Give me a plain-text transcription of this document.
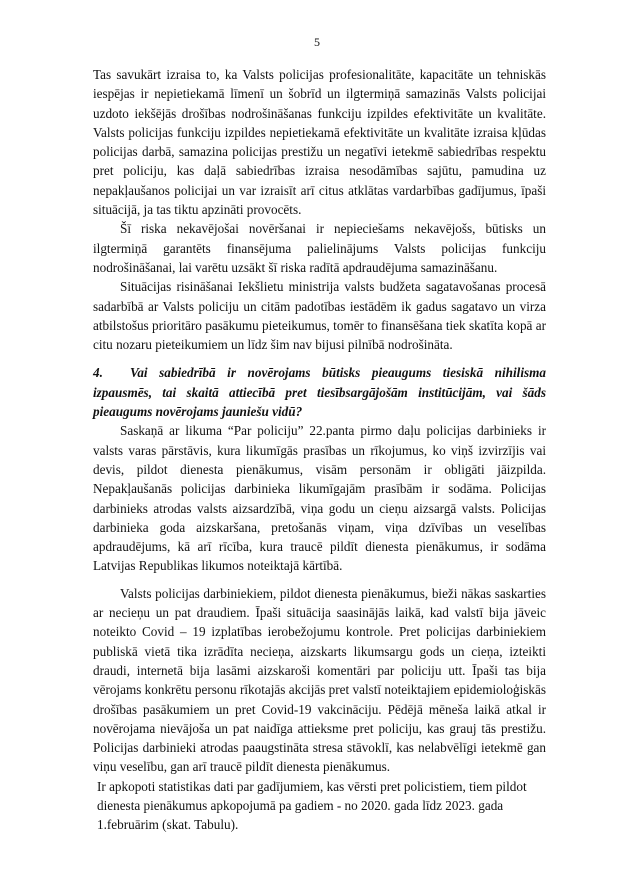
5

Tas savukārt izraisa to, ka Valsts policijas profesionalitāte, kapacitāte un tehniskās iespējas ir nepietiekamā līmenī un šobrīd un ilgtermiņā samazinās Valsts policijai uzdoto iekšējās drošības nodrošināšanas funkciju izpildes efektivitāte un kvalitāte. Valsts policijas funkciju izpildes nepietiekamā efektivitāte un kvalitāte izraisa kļūdas policijas darbā, samazina policijas prestižu un negatīvi ietekmē sabiedrības respektu pret policiju, kas daļā sabiedrības izraisa nesodāmības sajūtu, pamudina uz nepakļaušanos policijai un var izraisīt arī citus atklātas vardarbības gadījumus, īpaši situācijā, ja tas tiktu apzināti provocēts.

Šī riska nekavējošai novēršanai ir nepieciešams nekavējošs, būtisks un ilgtermiņā garantēts finansējuma palielinājums Valsts policijas funkciju nodrošināšanai, lai varētu uzsākt šī riska radītā apdraudējuma samazināšanu.

Situācijas risināšanai Iekšlietu ministrija valsts budžeta sagatavošanas procesā sadarbībā ar Valsts policiju un citām padotības iestādēm ik gadus sagatavo un virza atbilstošus prioritāro pasākumu pieteikumus, tomēr to finansēšana tiek skatīta kopā ar citu nozaru pieteikumiem un līdz šim nav bijusi pilnībā nodrošināta.

4. Vai sabiedrībā ir novērojams būtisks pieaugums tiesiskā nihilisma izpausmēs, tai skaitā attiecībā pret tiesībsargājošām institūcijām, vai šāds pieaugums novērojams jauniešu vidū?

Saskaņā ar likuma “Par policiju” 22.panta pirmo daļu policijas darbinieks ir valsts varas pārstāvis, kura likumīgās prasības un rīkojumus, ko viņš izvirzījis vai devis, pildot dienesta pienākumus, visām personām ir obligāti jāizpilda. Nepakļaušanās policijas darbinieka likumīgajām prasībām ir sodāma. Policijas darbinieks atrodas valsts aizsardzībā, viņa godu un cieņu aizsargā valsts. Policijas darbinieka goda aizskaršana, pretošanās viņam, viņa dzīvības un veselības apdraudējums, kā arī rīcība, kura traucē pildīt dienesta pienākumus, ir sodāma Latvijas Republikas likumos noteiktajā kārtībā.

Valsts policijas darbiniekiem, pildot dienesta pienākumus, bieži nākas saskarties ar necieņu un pat draudiem. Īpaši situācija saasinājās laikā, kad valstī bija jāveic noteikto Covid – 19 izplatības ierobežojumu kontrole. Pret policijas darbiniekiem publiskā vietā tika izrādīta necieņa, aizskarts likumsargu gods un cieņa, izteikti draudi, internetā bija lasāmi aizskaroši komentāri par policiju utt. Īpaši tas bija vērojams konkrētu personu rīkotajās akcijās pret valstī noteiktajiem epidemioloģiskās drošības pasākumiem un pret Covid-19 vakcināciju. Pēdējā mēneša laikā atkal ir novērojama nievājoša un pat naidīga attieksme pret policiju, kas grauj tās prestižu. Policijas darbinieki atrodas paaugstināta stresa stāvoklī, kas nelabvēlīgi ietekmē gan viņu veselību, gan arī traucē pildīt dienesta pienākumus.

Ir apkopoti statistikas dati par gadījumiem, kas vērsti pret policistiem, tiem pildot dienesta pienākumus apkopojumā pa gadiem - no 2020. gada līdz 2023. gada 1.februārim (skat. Tabulu).
